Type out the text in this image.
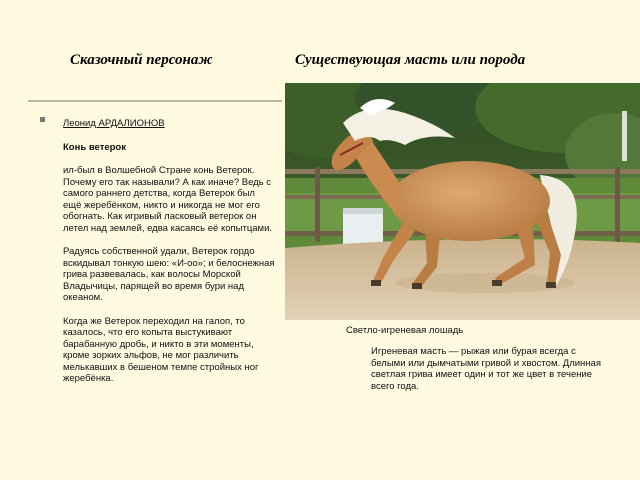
Сказочный персонаж	Существующая масть или порода
Леонид АРДАЛИОНОВ
Конь ветерок

ил-был в Волшебной Стране конь Ветерок. Почему его так называли? А как иначе? Ведь с самого раннего детства, когда Ветерок был ещё жеребёнком, никто и никогда не мог его обогнать. Как игривый ласковый ветерок он летел над землей, едва касаясь её копытцами.

Радуясь собственной удали, Ветерок гордо вскидывал тонкую шею: «И-оо»; и белоснежная грива развевалась, как волосы Морской Владычицы, парящей во время бури над океаном.

Когда же Ветерок переходил на галоп, то казалось, что его копыта выстукивают барабанную дробь, и никто в эти моменты, кроме зорких эльфов, не мог различить мелькавших в бешеном темпе стройных ног жеребёнка.

Светло-игреневая лошадь
Игреневая масть — рыжая или бурая всегда с белыми или дымчатыми гривой и хвостом. Длинная светлая грива имеет один и тот же цвет в течение всего года.
